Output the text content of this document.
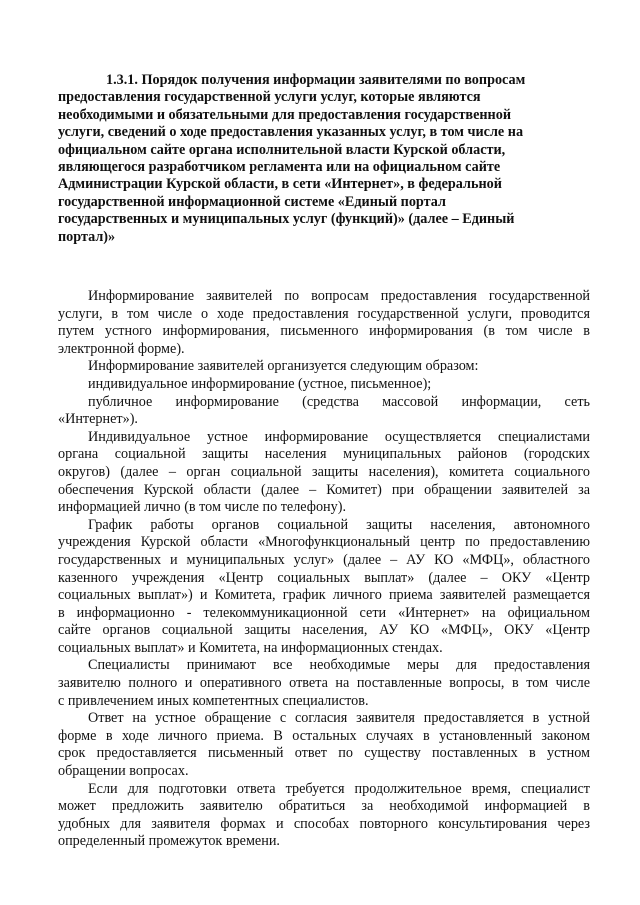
1.3.1. Порядок получения информации заявителями по вопросам
предоставления государственной услуги услуг, которые являются
необходимыми и обязательными для предоставления государственной
услуги, сведений о ходе предоставления указанных услуг, в том числе на
официальном сайте органа исполнительной власти Курской области,
являющегося разработчиком регламента или на официальном сайте
Администрации Курской области, в сети «Интернет», в федеральной
государственной информационной системе «Единый портал
государственных и муниципальных услуг (функций)» (далее – Единый
портал)»
Информирование заявителей по вопросам предоставления государственной
услуги, в том числе о ходе предоставления государственной услуги, проводится
путем устного информирования, письменного информирования (в том числе в
электронной форме).
Информирование заявителей организуется следующим образом:
индивидуальное информирование (устное, письменное);
публичное информирование (средства массовой информации, сеть
«Интернет»).
Индивидуальное устное информирование осуществляется специалистами
органа социальной защиты населения муниципальных районов (городских
округов) (далее – орган социальной защиты населения), комитета социального
обеспечения Курской области (далее – Комитет) при обращении заявителей за
информацией лично (в том числе по телефону).
График работы органов социальной защиты населения, автономного
учреждения Курской области «Многофункциональный центр по предоставлению
государственных и муниципальных услуг» (далее – АУ КО «МФЦ», областного
казенного учреждения «Центр социальных выплат» (далее – ОКУ «Центр
социальных выплат») и Комитета, график личного приема заявителей размещается
в информационно - телекоммуникационной сети «Интернет» на официальном
сайте органов социальной защиты населения, АУ КО «МФЦ», ОКУ «Центр
социальных выплат» и Комитета, на информационных стендах.
Специалисты принимают все необходимые меры для предоставления
заявителю полного и оперативного ответа на поставленные вопросы, в том числе
с привлечением иных компетентных специалистов.
Ответ на устное обращение с согласия заявителя предоставляется в устной
форме в ходе личного приема. В остальных случаях в установленный законом
срок предоставляется письменный ответ по существу поставленных в устном
обращении вопросах.
Если для подготовки ответа требуется продолжительное время, специалист
может предложить заявителю обратиться за необходимой информацией в
удобных для заявителя формах и способах повторного консультирования через
определенный промежуток времени.
